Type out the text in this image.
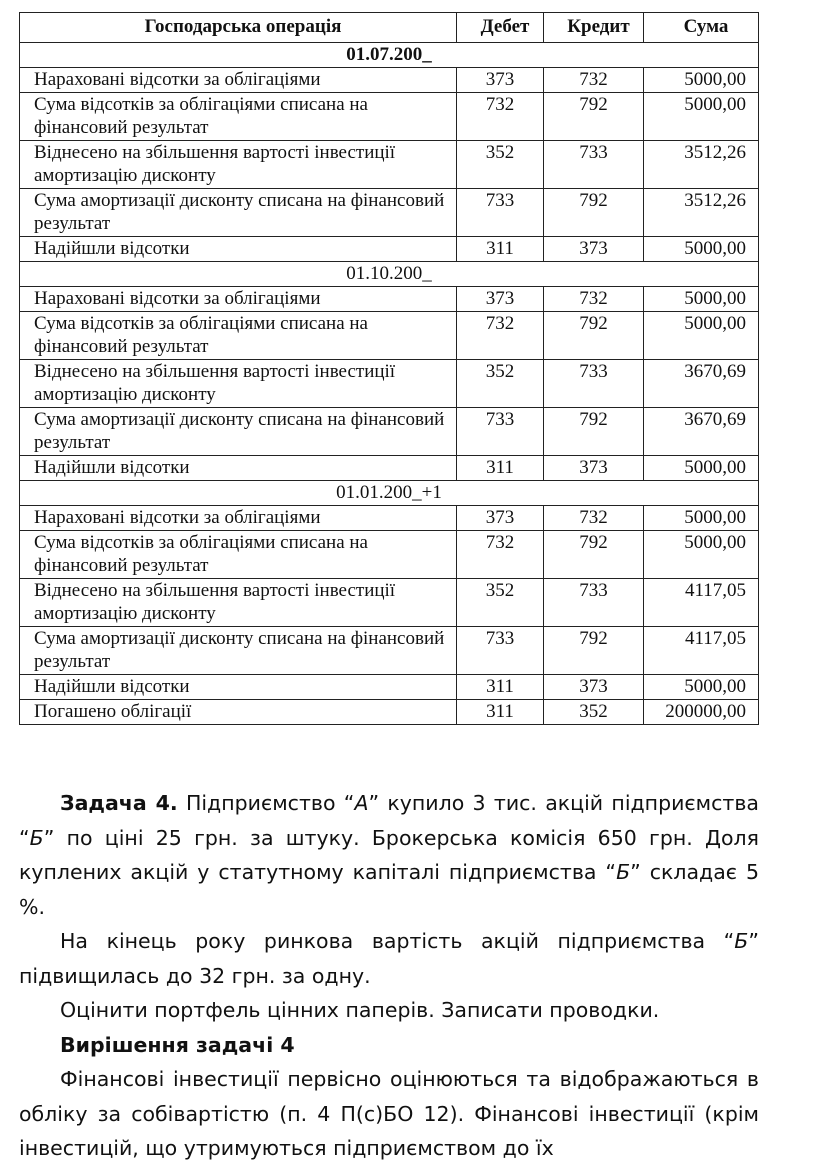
Господарська операція	Дебет	Кредит	Сума
01.07.200_			
Нараховані відсотки за облігаціями	373	732	5000,00
Сума відсотків за облігаціями списана на фінансовий результат	732	792	5000,00
Віднесено на збільшення вартості інвестиції амортизацію дисконту	352	733	3512,26
Сума амортизації дисконту списана на фінансовий результат	733	792	3512,26
Надійшли відсотки	311	373	5000,00
01.10.200_			
Нараховані відсотки за облігаціями	373	732	5000,00
Сума відсотків за облігаціями списана на фінансовий результат	732	792	5000,00
Віднесено на збільшення вартості інвестиції амортизацію дисконту	352	733	3670,69
Сума амортизації дисконту списана на фінансовий результат	733	792	3670,69
Надійшли відсотки	311	373	5000,00
01.01.200_+1			
Нараховані відсотки за облігаціями	373	732	5000,00
Сума відсотків за облігаціями списана на фінансовий результат	732	792	5000,00
Віднесено на збільшення вартості інвестиції амортизацію дисконту	352	733	4117,05
Сума амортизації дисконту списана на фінансовий результат	733	792	4117,05
Надійшли відсотки	311	373	5000,00
Погашено облігації	311	352	200000,00

Задача 4. Підприємство “А” купило 3 тис. акцій підприємства “Б” по ціні 25 грн. за штуку. Брокерська комісія 650 грн. Доля куплених акцій у статутному капіталі підприємства “Б” складає 5 %.

На кінець року ринкова вартість акцій підприємства “Б” підвищилась до 32 грн. за одну.

Оцінити портфель цінних паперів. Записати проводки.

Вирішення задачі 4

Фінансові інвестиції первісно оцінюються та відображаються в обліку за собівартістю (п. 4 П(с)БО 12). Фінансові інвестиції (крім інвестицій, що утримуються підприємством до їх
